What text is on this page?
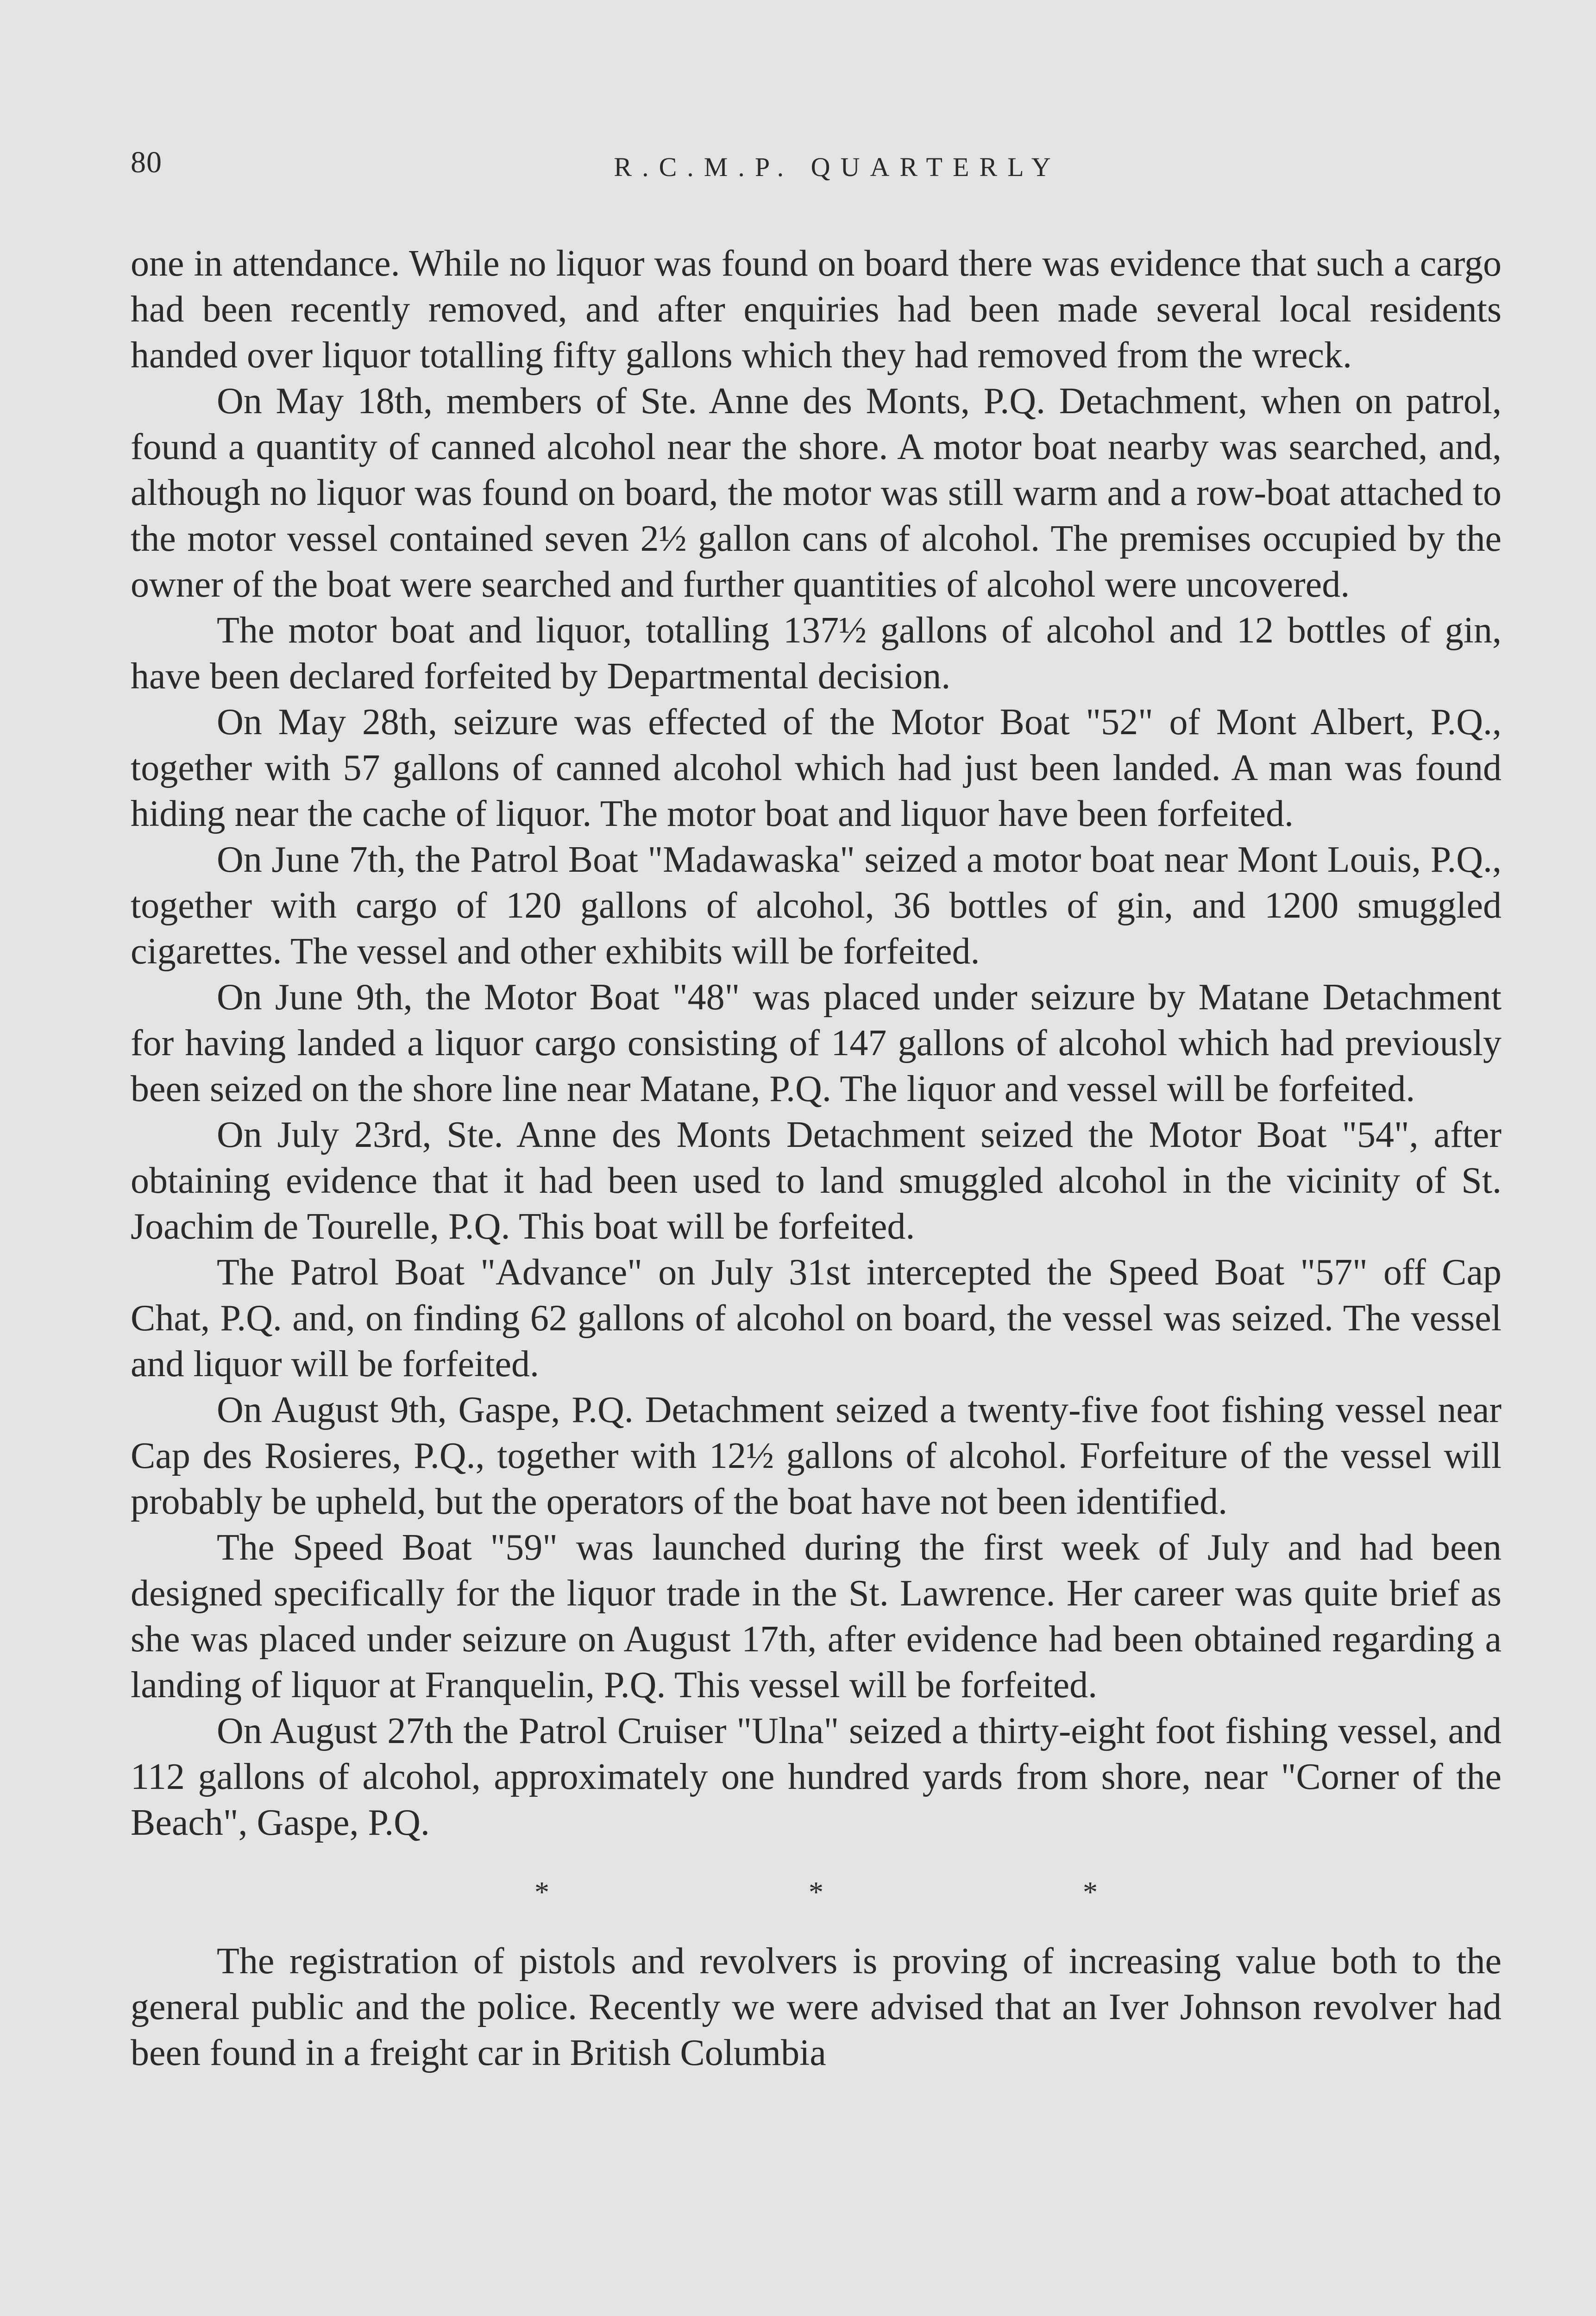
80	R.C.M.P. QUARTERLY

one in attendance. While no liquor was found on board there was evidence that such a cargo had been recently removed, and after enquiries had been made several local residents handed over liquor totalling fifty gallons which they had removed from the wreck.

On May 18th, members of Ste. Anne des Monts, P.Q. Detachment, when on patrol, found a quantity of canned alcohol near the shore. A motor boat nearby was searched, and, although no liquor was found on board, the motor was still warm and a row-boat attached to the motor vessel contained seven 2½ gallon cans of alcohol. The premises occupied by the owner of the boat were searched and further quantities of alcohol were uncovered.

The motor boat and liquor, totalling 137½ gallons of alcohol and 12 bottles of gin, have been declared forfeited by Departmental decision.

On May 28th, seizure was effected of the Motor Boat "52" of Mont Albert, P.Q., together with 57 gallons of canned alcohol which had just been landed. A man was found hiding near the cache of liquor. The motor boat and liquor have been forfeited.

On June 7th, the Patrol Boat "Madawaska" seized a motor boat near Mont Louis, P.Q., together with cargo of 120 gallons of alcohol, 36 bottles of gin, and 1200 smuggled cigarettes. The vessel and other exhibits will be forfeited.

On June 9th, the Motor Boat "48" was placed under seizure by Matane Detachment for having landed a liquor cargo consisting of 147 gallons of alcohol which had previously been seized on the shore line near Matane, P.Q. The liquor and vessel will be forfeited.

On July 23rd, Ste. Anne des Monts Detachment seized the Motor Boat "54", after obtaining evidence that it had been used to land smuggled alcohol in the vicinity of St. Joachim de Tourelle, P.Q. This boat will be forfeited.

The Patrol Boat "Advance" on July 31st intercepted the Speed Boat "57" off Cap Chat, P.Q. and, on finding 62 gallons of alcohol on board, the vessel was seized. The vessel and liquor will be forfeited.

On August 9th, Gaspe, P.Q. Detachment seized a twenty-five foot fishing vessel near Cap des Rosieres, P.Q., together with 12½ gallons of alcohol. Forfeiture of the vessel will probably be upheld, but the operators of the boat have not been identified.

The Speed Boat "59" was launched during the first week of July and had been designed specifically for the liquor trade in the St. Lawrence. Her career was quite brief as she was placed under seizure on August 17th, after evidence had been obtained regarding a landing of liquor at Franquelin, P.Q. This vessel will be forfeited.

On August 27th the Patrol Cruiser "Ulna" seized a thirty-eight foot fishing vessel, and 112 gallons of alcohol, approximately one hundred yards from shore, near "Corner of the Beach", Gaspe, P.Q.

*	*	*

The registration of pistols and revolvers is proving of increasing value both to the general public and the police. Recently we were advised that an Iver Johnson revolver had been found in a freight car in British Columbia
